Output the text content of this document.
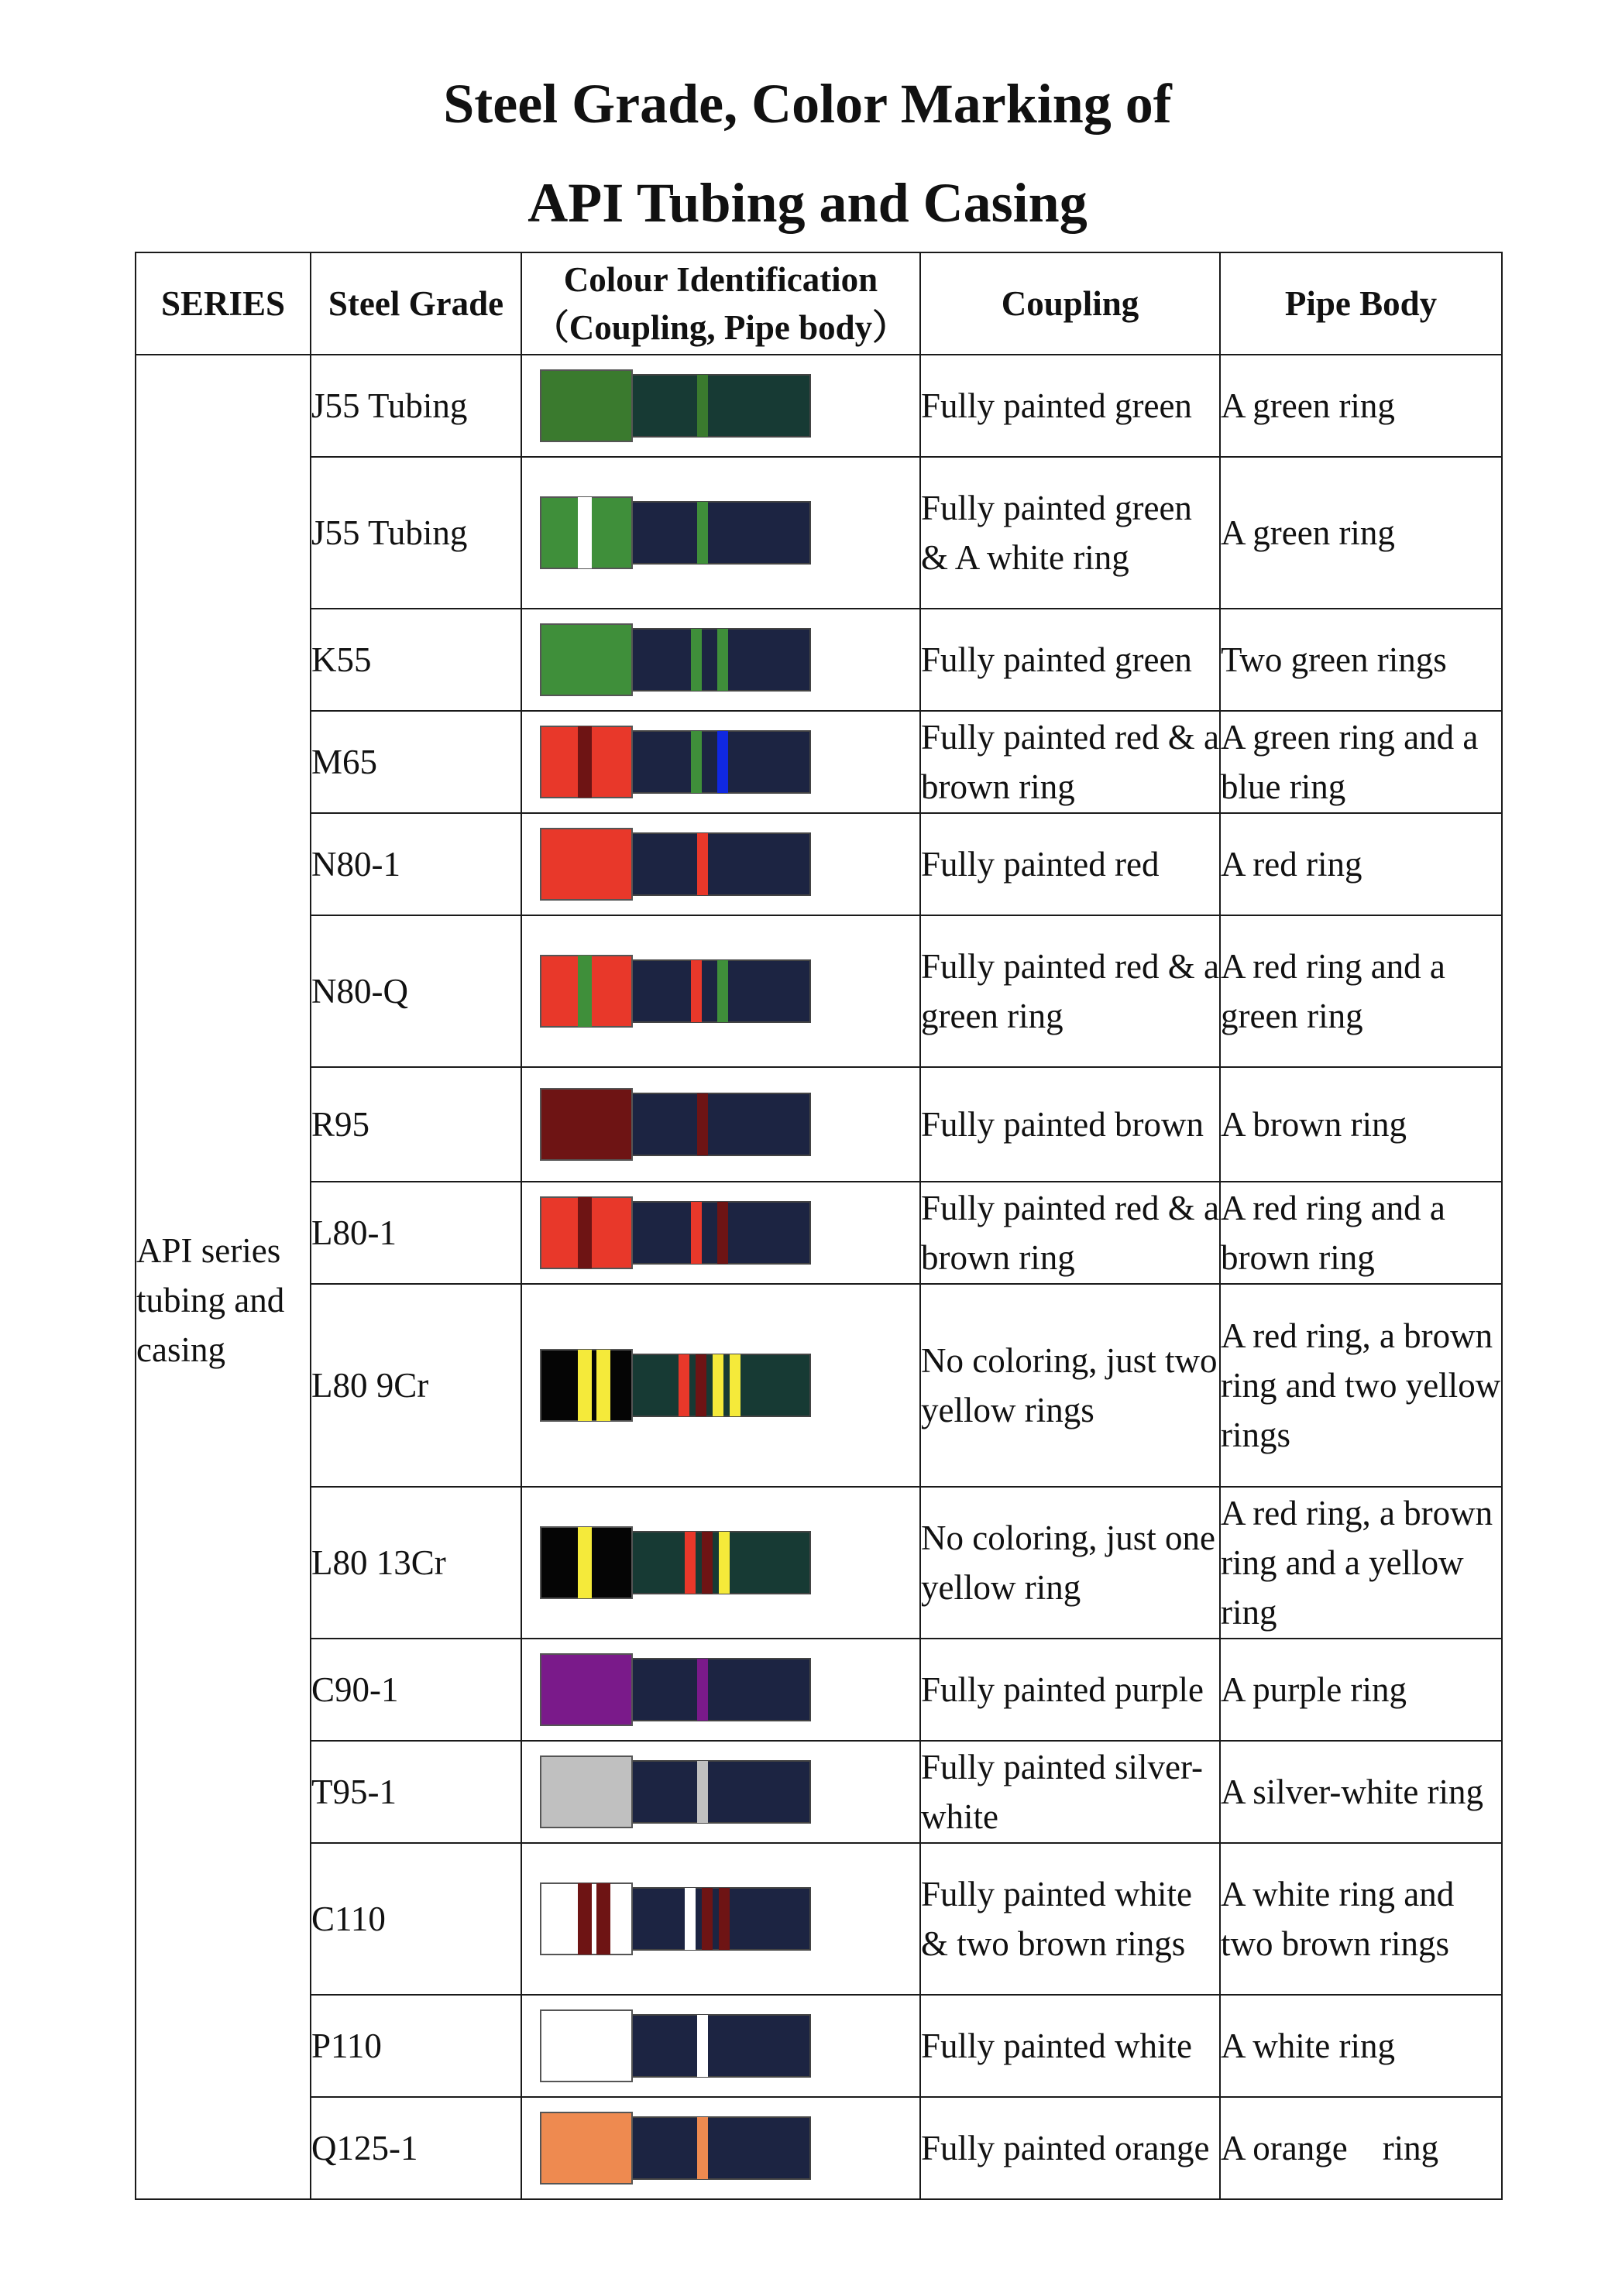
Steel Grade, Color Marking of
API Tubing and Casing
SERIES	Steel Grade	Colour Identification （Coupling, Pipe body）	Coupling	Pipe Body
API series tubing and casing	J55 Tubing		Fully painted green	A green ring
	J55 Tubing		Fully painted green & A white ring	A green ring
	K55		Fully painted green	Two green rings
	M65		Fully painted red & a brown ring	A green ring and a blue ring
	N80-1		Fully painted red	A red ring
	N80-Q		Fully painted red & a green ring	A red ring and a green ring
	R95		Fully painted brown	A brown ring
	L80-1		Fully painted red & a brown ring	A red ring and a brown ring
	L80 9Cr		No coloring, just two yellow rings	A red ring, a brown ring and two yellow rings
	L80 13Cr		No coloring, just one yellow ring	A red ring, a brown ring and a yellow ring
	C90-1		Fully painted purple	A purple ring
	T95-1		Fully painted silver-white	A silver-white ring
	C110		Fully painted white & two brown rings	A white ring and two brown rings
	P110		Fully painted white	A white ring
	Q125-1		Fully painted orange	A orange　ring
